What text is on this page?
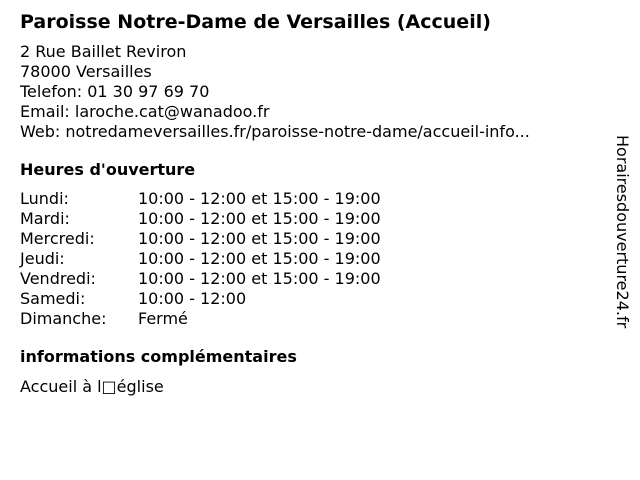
Paroisse Notre-Dame de Versailles (Accueil)
2 Rue Baillet Reviron
78000 Versailles
Telefon: 01 30 97 69 70
Email: laroche.cat@wanadoo.fr
Web: notredameversailles.fr/paroisse-notre-dame/accueil-info...
Heures d'ouverture
Lundi:	10:00 - 12:00 et 15:00 - 19:00
Mardi:	10:00 - 12:00 et 15:00 - 19:00
Mercredi:	10:00 - 12:00 et 15:00 - 19:00
Jeudi:	10:00 - 12:00 et 15:00 - 19:00
Vendredi:	10:00 - 12:00 et 15:00 - 19:00
Samedi:	10:00 - 12:00
Dimanche:	Fermé
informations complémentaires
Accueil à l□église
Horairesdouverture24.fr
